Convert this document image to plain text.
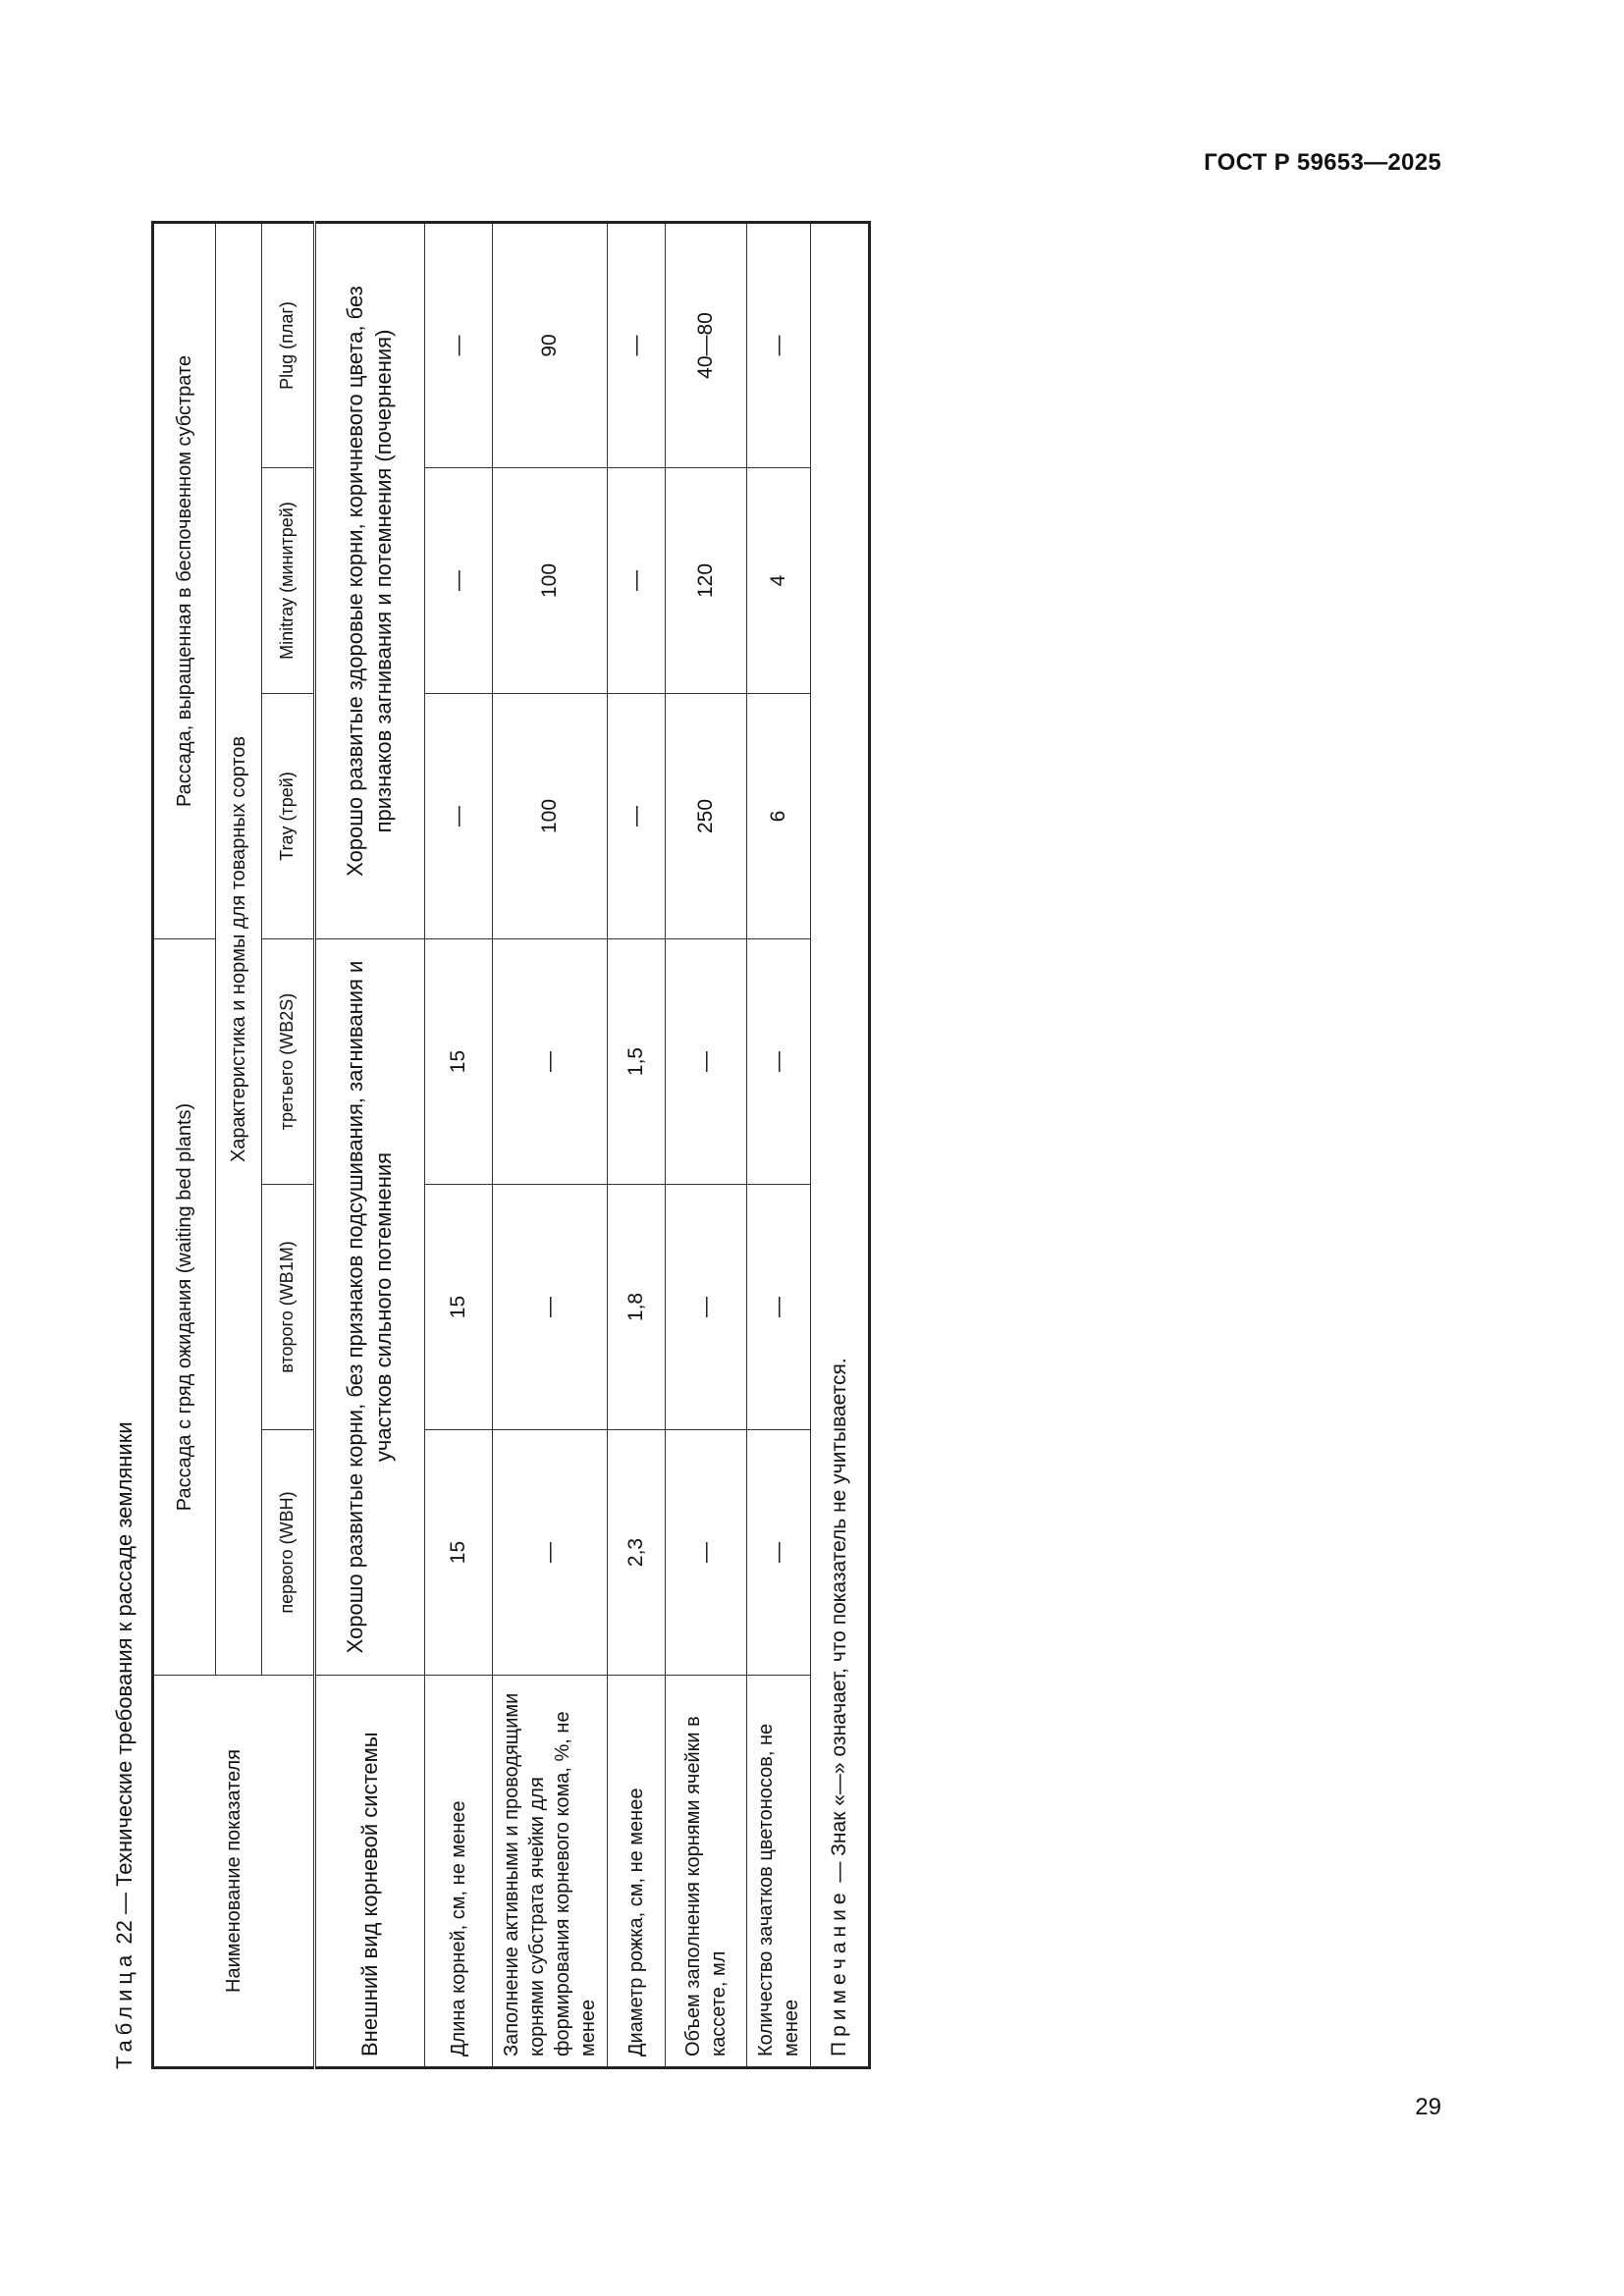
ГОСТ Р 59653—2025
Таблица 22 — Технические требования к рассаде земляники	Наименование показателя	Рассада с гряд ожидания (waiting bed plants)			Рассада, выращенная в беспочвенном субстрате		
	Характеристика и нормы для товарных сортов					
	первого (WBH)	второго (WB1M)	третьего (WB2S)	Tray (трей)	Minitray (минитрей)	Plug (плаг)
Внешний вид корневой системы	Хорошо развитые корни, без признаков подсушивания, загнивания и участков сильного потемнения			Хорошо развитые здоровые корни, коричневого цвета, без признаков загнивания и потемнения (почернения)		
Длина корней, см, не менее	15	15	15	—	—	—
Заполнение активными и проводящими корнями субстрата ячейки для формирования корневого кома, %, не менее	—	—	—	100	100	90
Диаметр рожка, см, не менее	2,3	1,8	1,5	—	—	—
Объем заполнения корнями ячейки в кассете, мл	—	—	—	250	120	40—80
Количество зачатков цветоносов, не менее	—	—	—	6	4	—
Примечание — Знак «—» означает, что показатель не учитывается.						
29
